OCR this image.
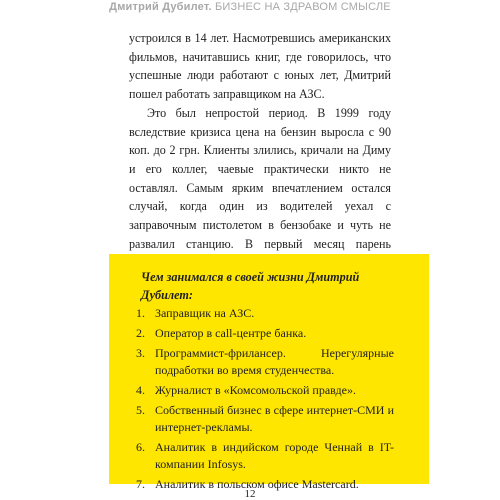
Дмитрий Дубилет. БИЗНЕС НА ЗДРАВОМ СМЫСЛЕ

устроился в 14 лет. Насмотревшись американских фильмов, начитавшись книг, где говорилось, что успешные люди работают с юных лет, Дмитрий пошел работать заправщиком на АЗС.

Это был непростой период. В 1999 году вследствие кризиса цена на бензин выросла с 90 коп. до 2 грн. Клиенты злились, кричали на Диму и его коллег, чаевые практически никто не оставлял. Самым ярким впечатлением остался случай, когда один из водителей уехал с заправочным пистолетом в бензобаке и чуть не развалил станцию. В первый месяц парень

Чем занимался в своей жизни Дмитрий Дубилет:

1. Заправщик на АЗС.
2. Оператор в call-центре банка.
3. Программист-фрилансер. Нерегулярные подработки во время студенчества.
4. Журналист в «Комсомольской правде».
5. Собственный бизнес в сфере интернет-СМИ и интернет-рекламы.
6. Аналитик в индийском городе Ченнай в IT-компании Infosys.
7. Аналитик в польском офисе Mastercard.
12
